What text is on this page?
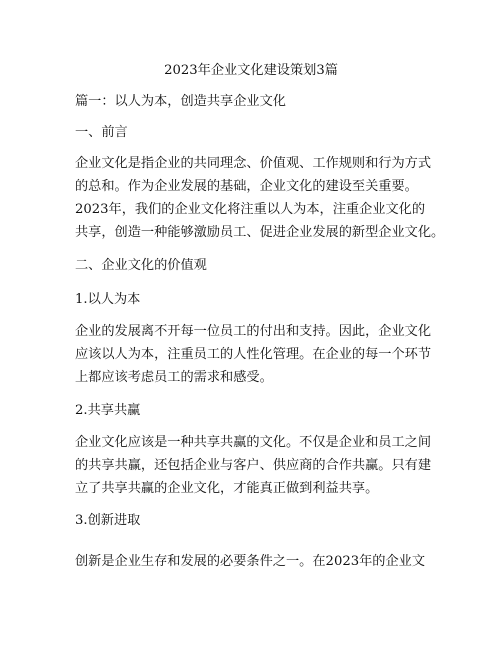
2023年企业文化建设策划3篇
篇一：以人为本，创造共享企业文化
一、前言
企业文化是指企业的共同理念、价值观、工作规则和行为方式
的总和。作为企业发展的基础，企业文化的建设至关重要。
2023年，我们的企业文化将注重以人为本，注重企业文化的
共享，创造一种能够激励员工、促进企业发展的新型企业文化。
二、企业文化的价值观
1.以人为本
企业的发展离不开每一位员工的付出和支持。因此，企业文化
应该以人为本，注重员工的人性化管理。在企业的每一个环节
上都应该考虑员工的需求和感受。
2.共享共赢
企业文化应该是一种共享共赢的文化。不仅是企业和员工之间
的共享共赢，还包括企业与客户、供应商的合作共赢。只有建
立了共享共赢的企业文化，才能真正做到利益共享。
3.创新进取
创新是企业生存和发展的必要条件之一。在2023年的企业文
